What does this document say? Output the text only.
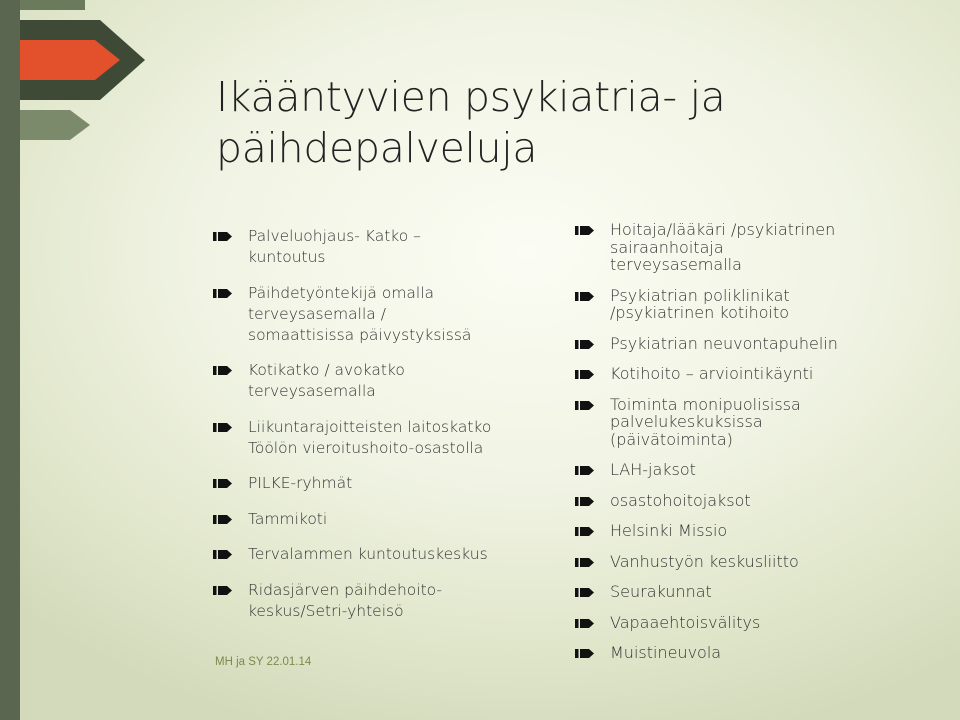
Ikääntyvien psykiatria- ja
päihdepalveluja
Palveluohjaus- Katko –
kuntoutus
Päihdetyöntekijä omalla
terveysasemalla /
somaattisissa päivystyksissä
Kotikatko / avokatko
terveysasemalla
Liikuntarajoitteisten laitoskatko
Töölön vieroitushoito-osastolla
PILKE-ryhmät
Tammikoti
Tervalammen kuntoutuskeskus
Ridasjärven päihdehoito-
keskus/Setri-yhteisö
Hoitaja/lääkäri /psykiatrinen
sairaanhoitaja
terveysasemalla
Psykiatrian poliklinikat
/psykiatrinen kotihoito
Psykiatrian neuvontapuhelin
Kotihoito – arviointikäynti
Toiminta monipuolisissa
palvelukeskuksissa
(päivätoiminta)
LAH-jaksot
osastohoitojaksot
Helsinki Missio
Vanhustyön keskusliitto
Seurakunnat
Vapaaehtoisvälitys
Muistineuvola

MH ja SY 22.01.14
